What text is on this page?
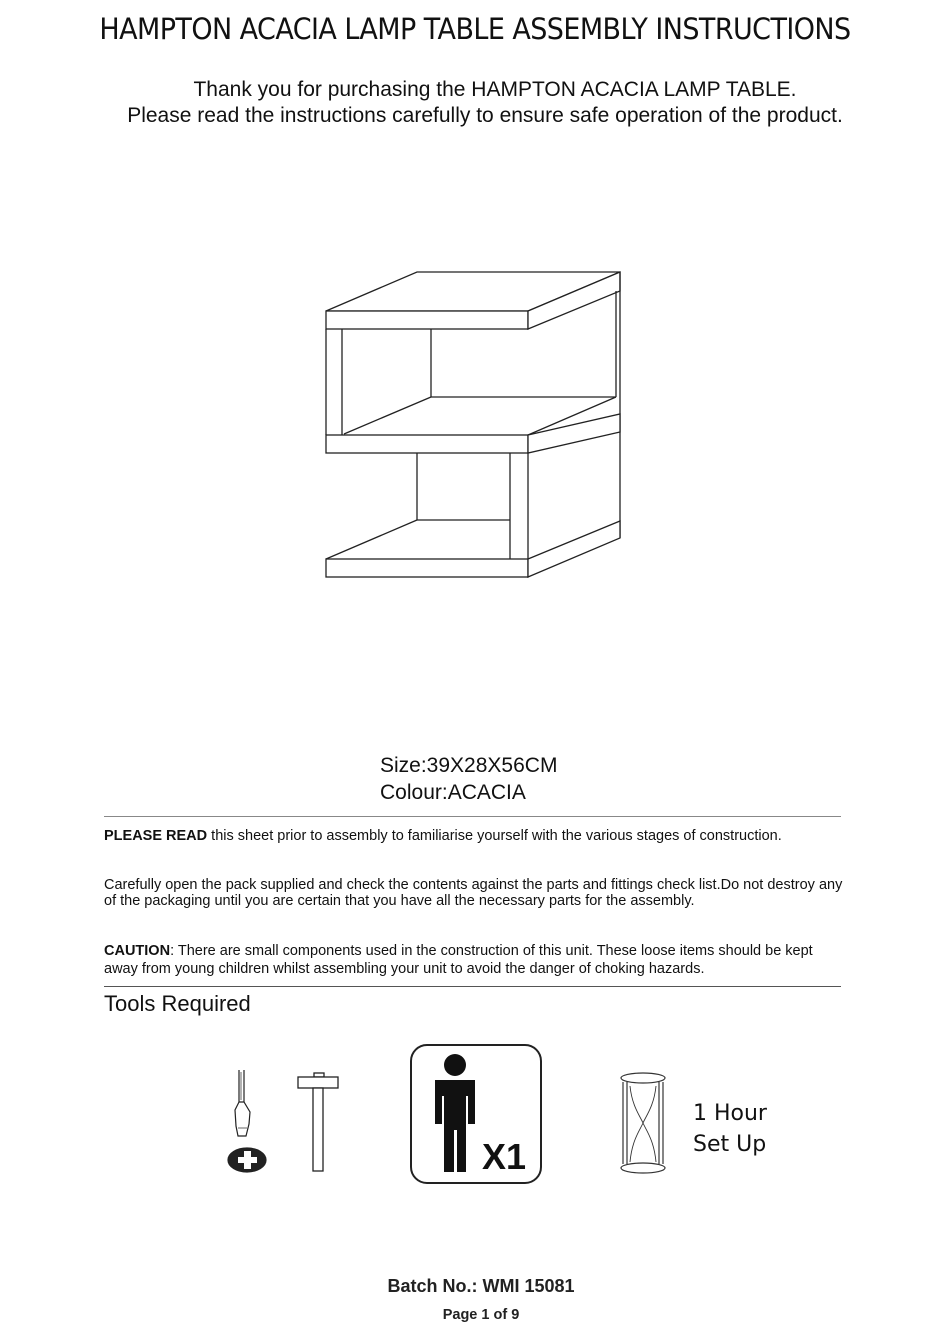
HAMPTON ACACIA LAMP TABLE ASSEMBLY INSTRUCTIONS
Thank you for purchasing the HAMPTON ACACIA LAMP TABLE.
Please read the instructions carefully to ensure safe operation of the product.
Size:39X28X56CM
Colour:ACACIA
PLEASE READ this sheet prior to assembly to familiarise yourself with the various stages of construction.
Carefully open the pack supplied and check the contents against the parts and fittings check list.Do not destroy any of the packaging until you are certain that you have all the necessary parts for the assembly.
CAUTION: There are small components used in the construction of this unit. These loose items should be kept away from young children whilst assembling your unit to avoid the danger of choking hazards.
Tools Required
X1
1 Hour
Set Up
Batch No.: WMI 15081
Page 1 of 9
